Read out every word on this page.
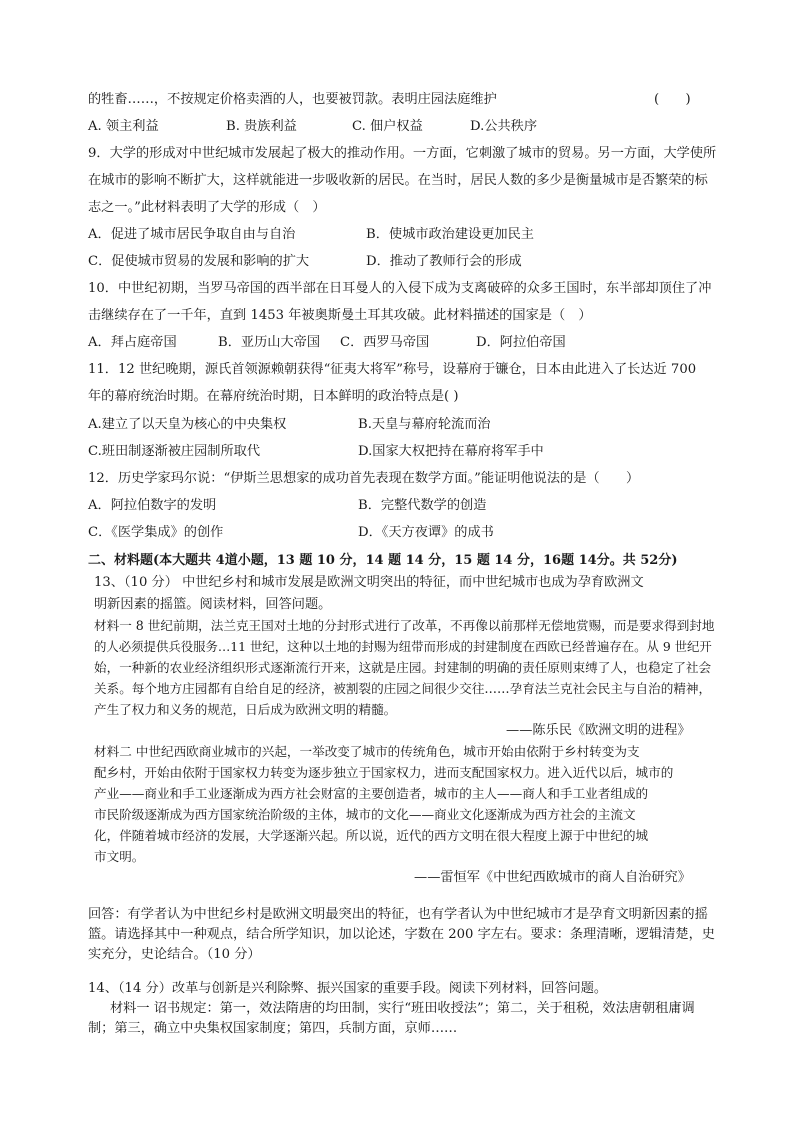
的牲畜……，不按规定价格卖酒的人，也要被罚款。表明庄园法庭维护	(　　)
A. 领主利益	B. 贵族利益	C. 佃户权益	D.公共秩序
9．大学的形成对中世纪城市发展起了极大的推动作用。一方面，它刺激了城市的贸易。另一方面，大学使所
在城市的影响不断扩大，这样就能进一步吸收新的居民。在当时，居民人数的多少是衡量城市是否繁荣的标
志之一。”此材料表明了大学的形成（　）
A．促进了城市居民争取自由与自治	B．使城市政治建设更加民主
C．促使城市贸易的发展和影响的扩大	D．推动了教师行会的形成
10．中世纪初期，当罗马帝国的西半部在日耳曼人的入侵下成为支离破碎的众多王国时，东半部却顶住了冲
击继续存在了一千年，直到 1453 年被奥斯曼土耳其攻破。此材料描述的国家是（　）
A．拜占庭帝国	B．亚历山大帝国 C．西罗马帝国	D．阿拉伯帝国
11．12 世纪晚期，源氏首领源赖朝获得“征夷大将军”称号，设幕府于镰仓，日本由此进入了长达近 700
年的幕府统治时期。在幕府统治时期，日本鲜明的政治特点是( )
A.建立了以天皇为核心的中央集权	B.天皇与幕府轮流而治
C.班田制逐渐被庄园制所取代	D.国家大权把持在幕府将军手中
12．历史学家玛尔说：“伊斯兰思想家的成功首先表现在数学方面。”能证明他说法的是（　　）
A．阿拉伯数字的发明	B．完整代数学的创造
C．《医学集成》的创作	D．《天方夜谭》的成书
二、材料题(本大题共 4道小题，13 题 10 分，14 题 14 分，15 题 14 分，16题 14分。共 52分)
13、（10 分） 中世纪乡村和城市发展是欧洲文明突出的特征，而中世纪城市也成为孕育欧洲文
明新因素的摇篮。阅读材料，回答问题。
材料一 8 世纪前期，法兰克王国对土地的分封形式进行了改革，不再像以前那样无偿地赏赐，而是要求得到封地
的人必须提供兵役服务…11 世纪，这种以土地的封赐为纽带而形成的封建制度在西欧已经普遍存在。从 9 世纪开
始，一种新的农业经济组织形式逐渐流行开来，这就是庄园。封建制的明确的责任原则束缚了人，也稳定了社会
关系。每个地方庄园都有自给自足的经济，被割裂的庄园之间很少交往……孕育法兰克社会民主与自治的精神，
产生了权力和义务的规范，日后成为欧洲文明的精髓。
——陈乐民《欧洲文明的进程》
材料二 中世纪西欧商业城市的兴起，一举改变了城市的传统角色，城市开始由依附于乡村转变为支
配乡村，开始由依附于国家权力转变为逐步独立于国家权力，进而支配国家权力。进入近代以后，城市的
产业——商业和手工业逐渐成为西方社会财富的主要创造者，城市的主人——商人和手工业者组成的
市民阶级逐渐成为西方国家统治阶级的主体，城市的文化——商业文化逐渐成为西方社会的主流文
化，伴随着城市经济的发展，大学逐渐兴起。所以说，近代的西方文明在很大程度上源于中世纪的城
市文明。
——雷恒军《中世纪西欧城市的商人自治研究》
回答：有学者认为中世纪乡村是欧洲文明最突出的特征，也有学者认为中世纪城市才是孕育文明新因素的摇
篮。请选择其中一种观点，结合所学知识，加以论述，字数在 200 字左右。要求：条理清晰，逻辑清楚，史
实充分，史论结合。（10 分）
14、（14 分）改革与创新是兴利除弊、振兴国家的重要手段。阅读下列材料，回答问题。
材料一 诏书规定：第一，效法隋唐的均田制，实行“班田收授法”；第二，关于租税，效法唐朝租庸调
制；第三，确立中央集权国家制度；第四，兵制方面，京师……
